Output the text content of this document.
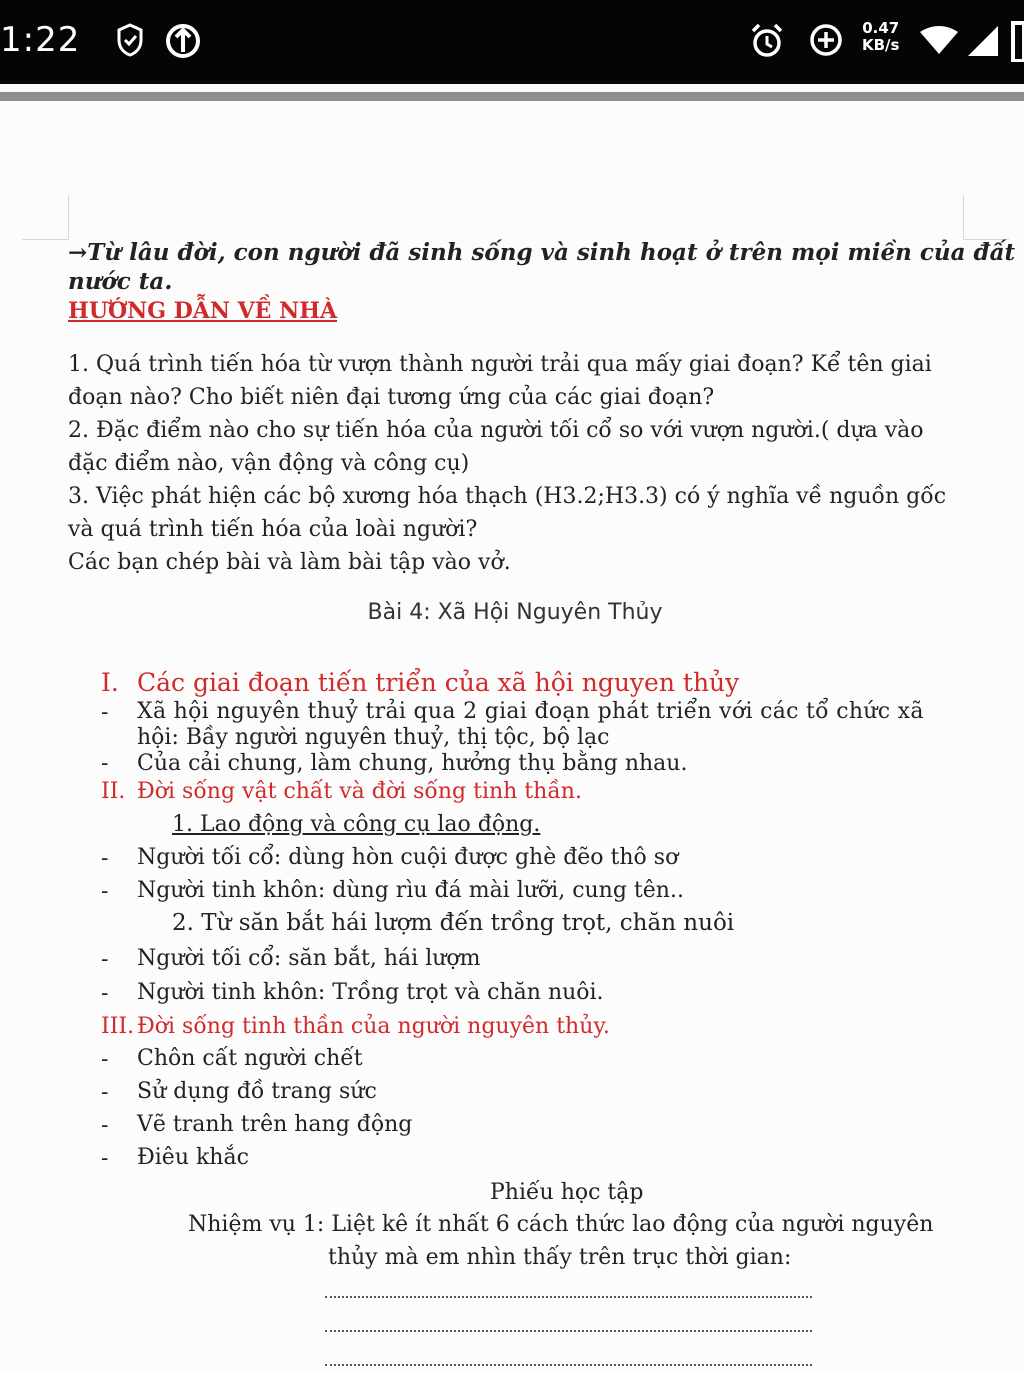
1:22	0.47
KB/s
→Từ lâu đời, con người đã sinh sống và sinh hoạt ở trên mọi miền của đất
nước ta.
HƯỚNG DẪN VỀ NHÀ
1. Quá trình tiến hóa từ vượn thành người trải qua mấy giai đoạn? Kể tên giai
đoạn nào? Cho biết niên đại tương ứng của các giai đoạn?
2. Đặc điểm nào cho sự tiến hóa của người tối cổ so với vượn người.( dựa vào
đặc điểm nào, vận động và công cụ)
3. Việc phát hiện các bộ xương hóa thạch (H3.2;H3.3) có ý nghĩa về nguồn gốc
và quá trình tiến hóa của loài người?
Các bạn chép bài và làm bài tập vào vở.
Bài 4: Xã Hội Nguyên Thủy
I. Các giai đoạn tiến triển của xã hội nguyen thủy
- Xã hội nguyên thuỷ trải qua 2 giai đoạn phát triển với các tổ chức xã
hội: Bầy người nguyên thuỷ, thị tộc, bộ lạc
- Của cải chung, làm chung, hưởng thụ bằng nhau.
II. Đời sống vật chất và đời sống tinh thần.
1. Lao động và công cụ lao động.
- Người tối cổ: dùng hòn cuội được ghè đẽo thô sơ
- Người tinh khôn: dùng rìu đá mài lưỡi, cung tên..
2. Từ săn bắt hái lượm đến trồng trọt, chăn nuôi
- Người tối cổ: săn bắt, hái lượm
- Người tinh khôn: Trồng trọt và chăn nuôi.
III. Đời sống tinh thần của người nguyên thủy.
- Chôn cất người chết
- Sử dụng đồ trang sức
- Vẽ tranh trên hang động
- Điêu khắc
Phiếu học tập
Nhiệm vụ 1: Liệt kê ít nhất 6 cách thức lao động của người nguyên
thủy mà em nhìn thấy trên trục thời gian:
